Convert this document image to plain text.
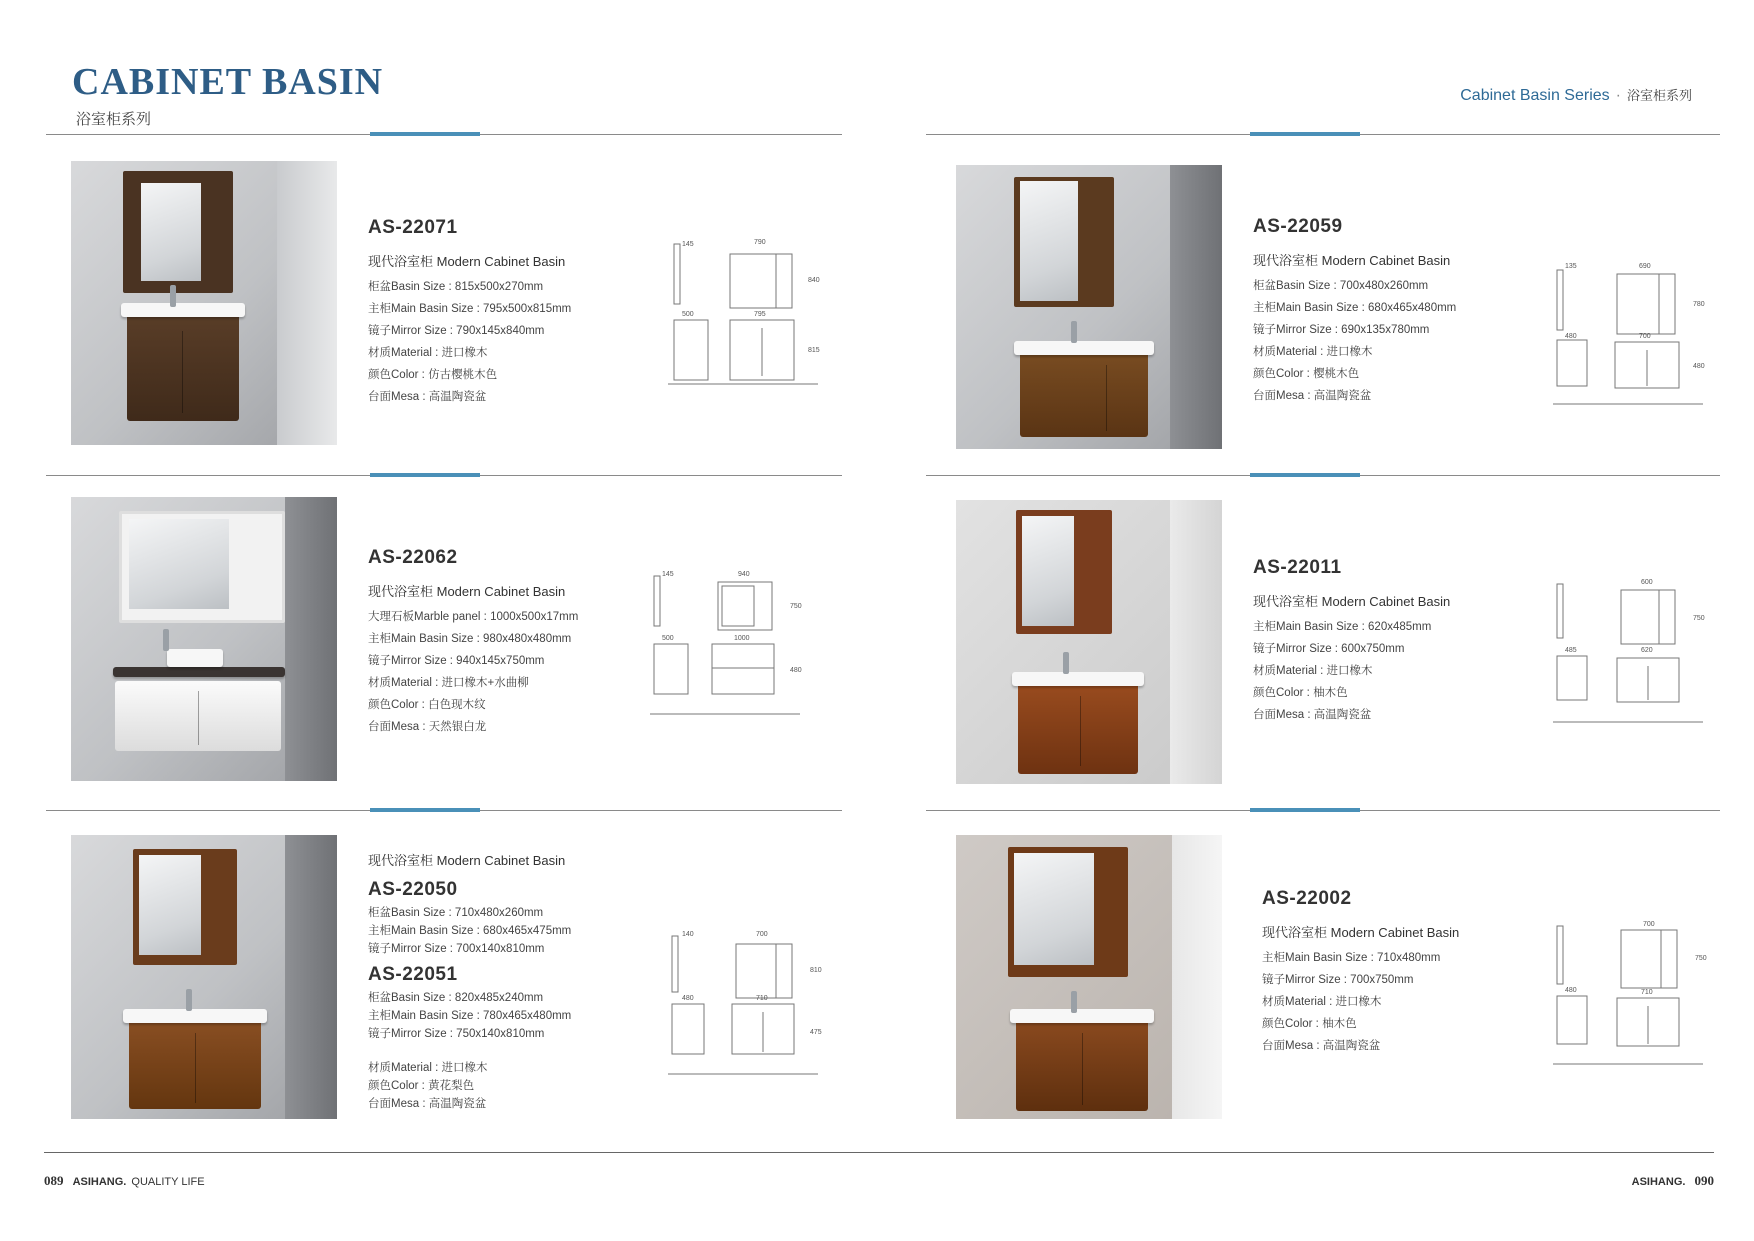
CABINET BASIN
浴室柜系列
Cabinet Basin Series · 浴室柜系列
AS-22071
现代浴室柜 Modern Cabinet Basin
柜盆Basin Size : 815x500x270mm
主柜Main Basin Size : 795x500x815mm
镜子Mirror Size : 790x145x840mm
材质Material : 进口橡木
颜色Color : 仿古樱桃木色
台面Mesa : 高温陶瓷盆
145	790
840
500	795
815
AS-22059
现代浴室柜 Modern Cabinet Basin
柜盆Basin Size : 700x480x260mm
主柜Main Basin Size : 680x465x480mm
镜子Mirror Size : 690x135x780mm
材质Material : 进口橡木
颜色Color : 樱桃木色
台面Mesa : 高温陶瓷盆
135	690
780
480	700
480
AS-22062
现代浴室柜 Modern Cabinet Basin
大理石板Marble panel : 1000x500x17mm
主柜Main Basin Size : 980x480x480mm
镜子Mirror Size : 940x145x750mm
材质Material : 进口橡木+水曲柳
颜色Color : 白色现木纹
台面Mesa : 天然银白龙
145	940
750
500	1000
480
AS-22011
现代浴室柜 Modern Cabinet Basin
主柜Main Basin Size : 620x485mm
镜子Mirror Size : 600x750mm
材质Material : 进口橡木
颜色Color : 柚木色
台面Mesa : 高温陶瓷盆
600
750
485	620
现代浴室柜 Modern Cabinet Basin
AS-22050
柜盆Basin Size : 710x480x260mm
主柜Main Basin Size : 680x465x475mm
镜子Mirror Size : 700x140x810mm
AS-22051
柜盆Basin Size : 820x485x240mm
主柜Main Basin Size : 780x465x480mm
镜子Mirror Size : 750x140x810mm
材质Material : 进口橡木
颜色Color : 黄花梨色
台面Mesa : 高温陶瓷盆
140	700
810
480	710
475
AS-22002
现代浴室柜 Modern Cabinet Basin
主柜Main Basin Size : 710x480mm
镜子Mirror Size : 700x750mm
材质Material : 进口橡木
颜色Color : 柚木色
台面Mesa : 高温陶瓷盆
700
750
480	710
089 ASIHANG. QUALITY LIFE	ASIHANG. 090
